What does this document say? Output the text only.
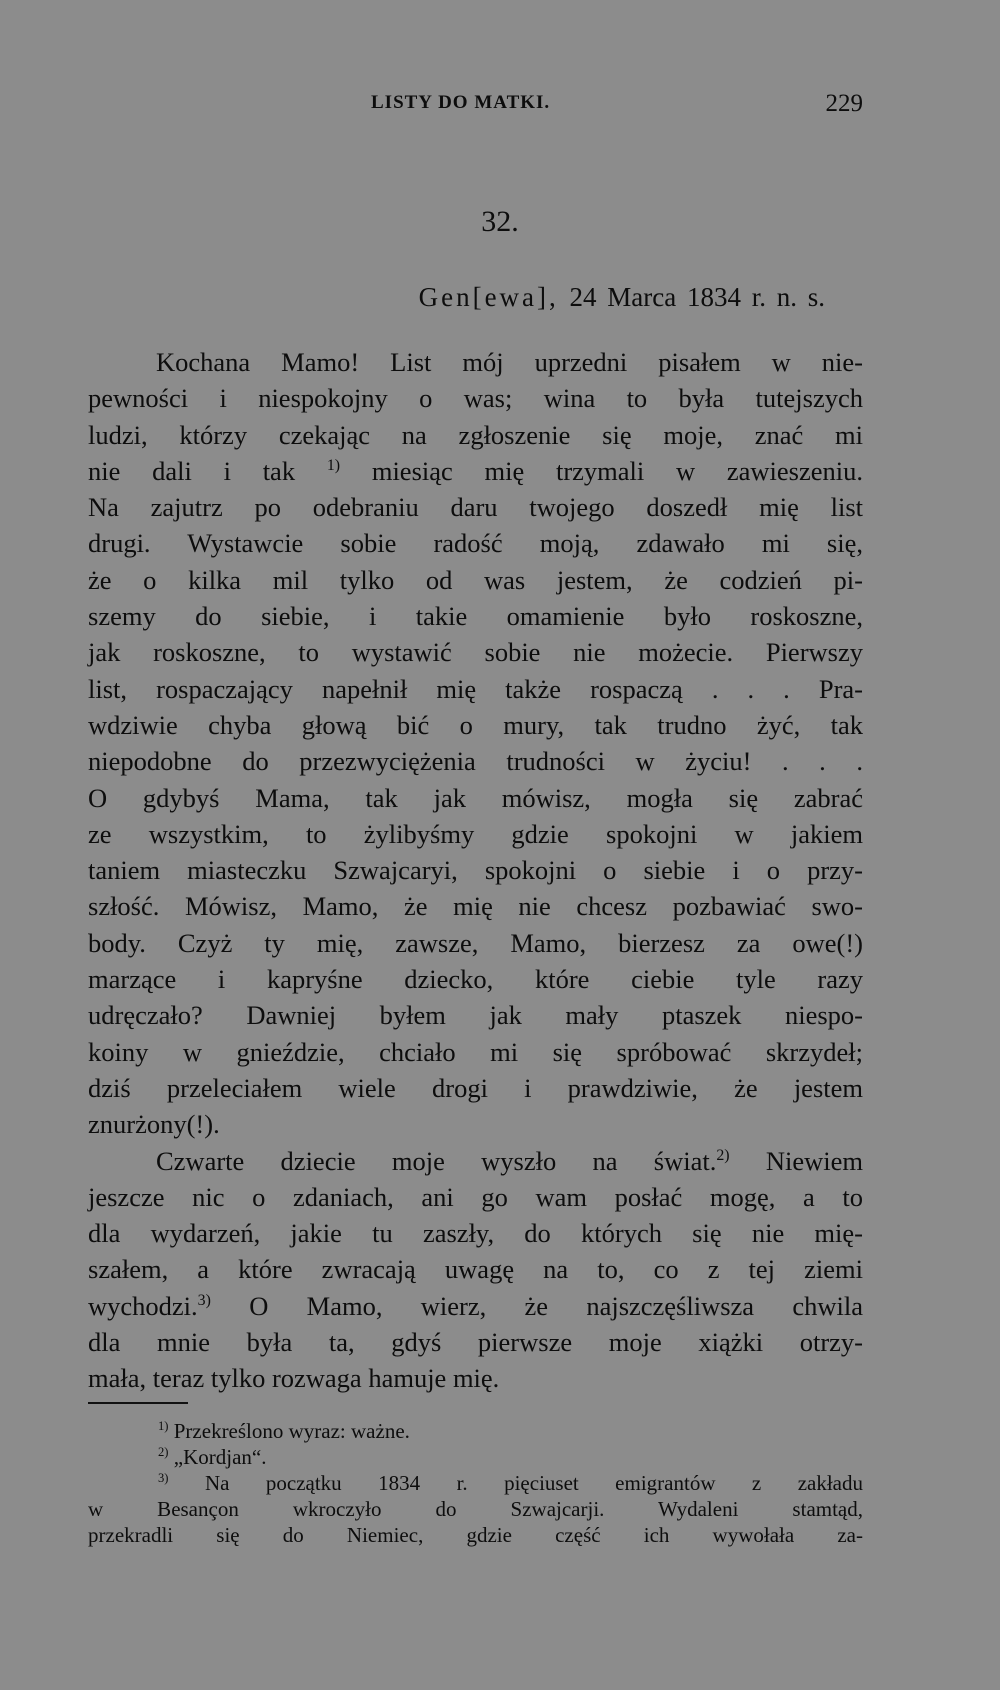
LISTY DO MATKI.	229
32.
Gen[ewa], 24 Marca 1834 r. n. s.
Kochana Mamo! List mój uprzedni pisałem w nie-
pewności i niespokojny o was; wina to była tutejszych
ludzi, którzy czekając na zgłoszenie się moje, znać mi
nie dali i tak $^{1)}$ miesiąc mię trzymali w zawieszeniu.
Na zajutrz po odebraniu daru twojego doszedł mię list
drugi. Wystawcie sobie radość moją, zdawało mi się,
że o kilka mil tylko od was jestem, że codzień pi-
szemy do siebie, i takie omamienie było roskoszne,
jak roskoszne, to wystawić sobie nie możecie. Pierwszy
list, rospaczający napełnił mię także rospaczą . . . Pra-
wdziwie chyba głową bić o mury, tak trudno żyć, tak
niepodobne do przezwyciężenia trudności w życiu! . . .
O gdybyś Mama, tak jak mówisz, mogła się zabrać
ze wszystkim, to żylibyśmy gdzie spokojni w jakiem
taniem miasteczku Szwajcaryi, spokojni o siebie i o przy-
szłość. Mówisz, Mamo, że mię nie chcesz pozbawiać swo-
body. Czyż ty mię, zawsze, Mamo, bierzesz za owe(!)
marzące i kapryśne dziecko, które ciebie tyle razy
udręczało? Dawniej byłem jak mały ptaszek niespo-
koiny w gnieździe, chciało mi się spróbować skrzydeł;
dziś przeleciałem wiele drogi i prawdziwie, że jestem
znurżony(!).
Czwarte dziecie moje wyszło na świat.$^{2)}$ Niewiem
jeszcze nic o zdaniach, ani go wam posłać mogę, a to
dla wydarzeń, jakie tu zaszły, do których się nie mię-
szałem, a które zwracają uwagę na to, co z tej ziemi
wychodzi.$^{3)}$ O Mamo, wierz, że najszczęśliwsza chwila
dla mnie była ta, gdyś pierwsze moje xiążki otrzy-
mała, teraz tylko rozwaga hamuje mię.
$^{1)}$ Przekreślono wyraz: ważne.
$^{2)}$ „Kordjan“.
$^{3)}$ Na początku 1834 r. pięciuset emigrantów z zakładu
w Besançon wkroczyło do Szwajcarji. Wydaleni stamtąd,
przekradli się do Niemiec, gdzie część ich wywołała za-
